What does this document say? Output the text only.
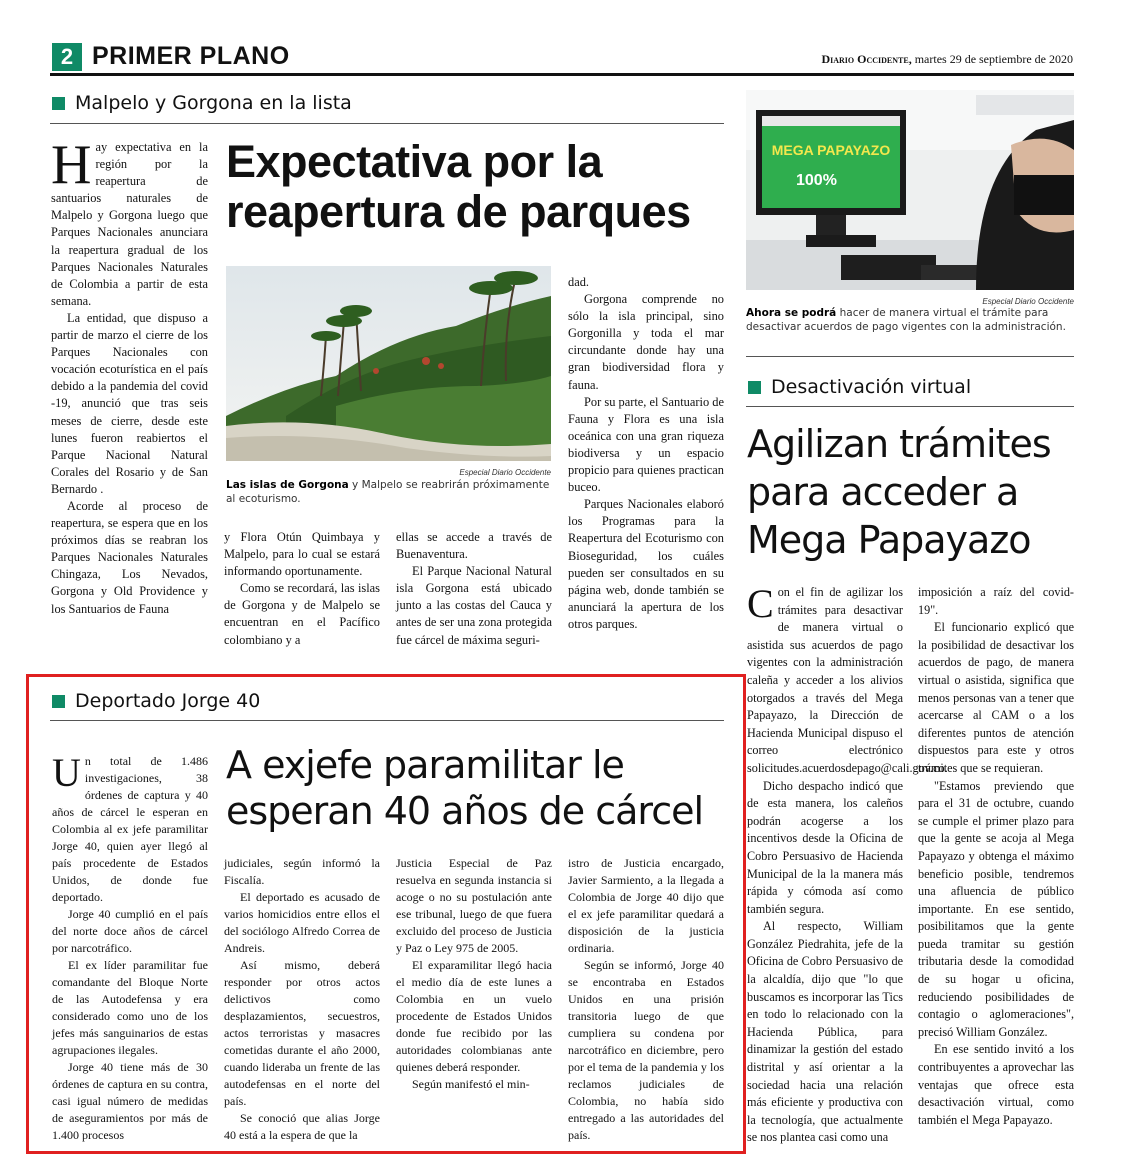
2 PRIMER PLANO	Diario Occidente, martes 29 de septiembre de 2020
Malpelo y Gorgona en la lista

Hay expectativa en la región por la reapertura de santuarios naturales de Malpelo y Gorgona luego que Parques Nacionales anunciara la reapertura gradual de los Parques Nacionales Naturales de Colombia a partir de esta semana.

La entidad, que dispuso a partir de marzo el cierre de los Parques Nacionales con vocación ecoturística en el país debido a la pandemia del covid -19, anunció que tras seis meses de cierre, desde este lunes fueron reabiertos el Parque Nacional Natural Corales del Rosario y de San Bernardo .

Acorde al proceso de reapertura, se espera que en los próximos días se reabran los Parques Nacionales Naturales Chingaza, Los Nevados, Gorgona y Old Providence y los Santuarios de Fauna

Expectativa por la reapertura de parques
Especial Diario Occidente
Las islas de Gorgona y Malpelo se reabrirán próximamente al ecoturismo.

y Flora Otún Quimbaya y Malpelo, para lo cual se estará informando oportunamente.

Como se recordará, las islas de Gorgona y de Malpelo se encuentran en el Pacífico colombiano y a

ellas se accede a través de Buenaventura.

El Parque Nacional Natural isla Gorgona está ubicado junto a las costas del Cauca y antes de ser una zona protegida fue cárcel de máxima seguri-

dad.

Gorgona comprende no sólo la isla principal, sino Gorgonilla y toda el mar circundante donde hay una gran biodiversidad flora y fauna.

Por su parte, el Santuario de Fauna y Flora es una isla oceánica con una gran riqueza biodiversa y un espacio propicio para quienes practican buceo.

Parques Nacionales elaboró los Programas para la Reapertura del Ecoturismo con Bioseguridad, los cuáles pueden ser consultados en su página web, donde también se anunciará la apertura de los otros parques.

MEGA PAPAYAZO
100%
Especial Diario Occidente
Ahora se podrá hacer de manera virtual el trámite para desactivar acuerdos de pago vigentes con la administración.
Desactivación virtual
Agilizan trámites para acceder a Mega Papayazo

Con el fin de agilizar los trámites para desactivar de manera virtual o asistida sus acuerdos de pago vigentes con la administración caleña y acceder a los alivios otorgados a través del Mega Papayazo, la Dirección de Hacienda Municipal dispuso el correo electrónico solicitudes.acuerdosdepago@cali.gov.co.

Dicho despacho indicó que de esta manera, los caleños podrán acogerse a los incentivos desde la Oficina de Cobro Persuasivo de Hacienda Municipal de la la manera más rápida y cómoda así como también segura.

Al respecto, William González Piedrahita, jefe de la Oficina de Cobro Persuasivo de la alcaldía, dijo que "lo que buscamos es incorporar las Tics en todo lo relacionado con la Hacienda Pública, para dinamizar la gestión del estado distrital y así orientar a la sociedad hacia una relación más eficiente y productiva con la tecnología, que actualmente se nos plantea casi como una

imposición a raíz del covid-19".

El funcionario explicó que la posibilidad de desactivar los acuerdos de pago, de manera virtual o asistida, significa que menos personas van a tener que acercarse al CAM o a los diferentes puntos de atención dispuestos para este y otros trámites que se requieran.

"Estamos previendo que para el 31 de octubre, cuando se cumple el primer plazo para que la gente se acoja al Mega Papayazo y obtenga el máximo beneficio posible, tendremos una afluencia de público importante. En ese sentido, posibilitamos que la gente pueda tramitar su gestión tributaria desde la comodidad de su hogar u oficina, reduciendo posibilidades de contagio o aglomeraciones", precisó William González.

En ese sentido invitó a los contribuyentes a aprovechar las ventajas que ofrece esta desactivación virtual, como también el Mega Papayazo.

Deportado Jorge 40
A exjefe paramilitar le esperan 40 años de cárcel

Un total de 1.486 investigaciones, 38 órdenes de captura y 40 años de cárcel le esperan en Colombia al ex jefe paramilitar Jorge 40, quien ayer llegó al país procedente de Estados Unidos, de donde fue deportado.

Jorge 40 cumplió en el país del norte doce años de cárcel por narcotráfico.

El ex líder paramilitar fue comandante del Bloque Norte de las Autodefensa y era considerado como uno de los jefes más sanguinarios de estas agrupaciones ilegales.

Jorge 40 tiene más de 30 órdenes de captura en su contra, casi igual número de medidas de aseguramientos por más de 1.400 procesos

judiciales, según informó la Fiscalía.

El deportado es acusado de varios homicidios entre ellos el del sociólogo Alfredo Correa de Andreis.

Así mismo, deberá responder por otros actos delictivos como desplazamientos, secuestros, actos terroristas y masacres cometidas durante el año 2000, cuando lideraba un frente de las autodefensas en el norte del país.

Se conoció que alias Jorge 40 está a la espera de que la

Justicia Especial de Paz resuelva en segunda instancia si acoge o no su postulación ante ese tribunal, luego de que fuera excluido del proceso de Justicia y Paz o Ley 975 de 2005.

El exparamilitar llegó hacia el medio día de este lunes a Colombia en un vuelo procedente de Estados Unidos donde fue recibido por las autoridades colombianas ante quienes deberá responder.

Según manifestó el min-

istro de Justicia encargado, Javier Sarmiento, a la llegada a Colombia de Jorge 40 dijo que el ex jefe paramilitar quedará a disposición de la justicia ordinaria.

Según se informó, Jorge 40 se encontraba en Estados Unidos en una prisión transitoria luego de que cumpliera su condena por narcotráfico en diciembre, pero por el tema de la pandemia y los reclamos judiciales de Colombia, no había sido entregado a las autoridades del país.
